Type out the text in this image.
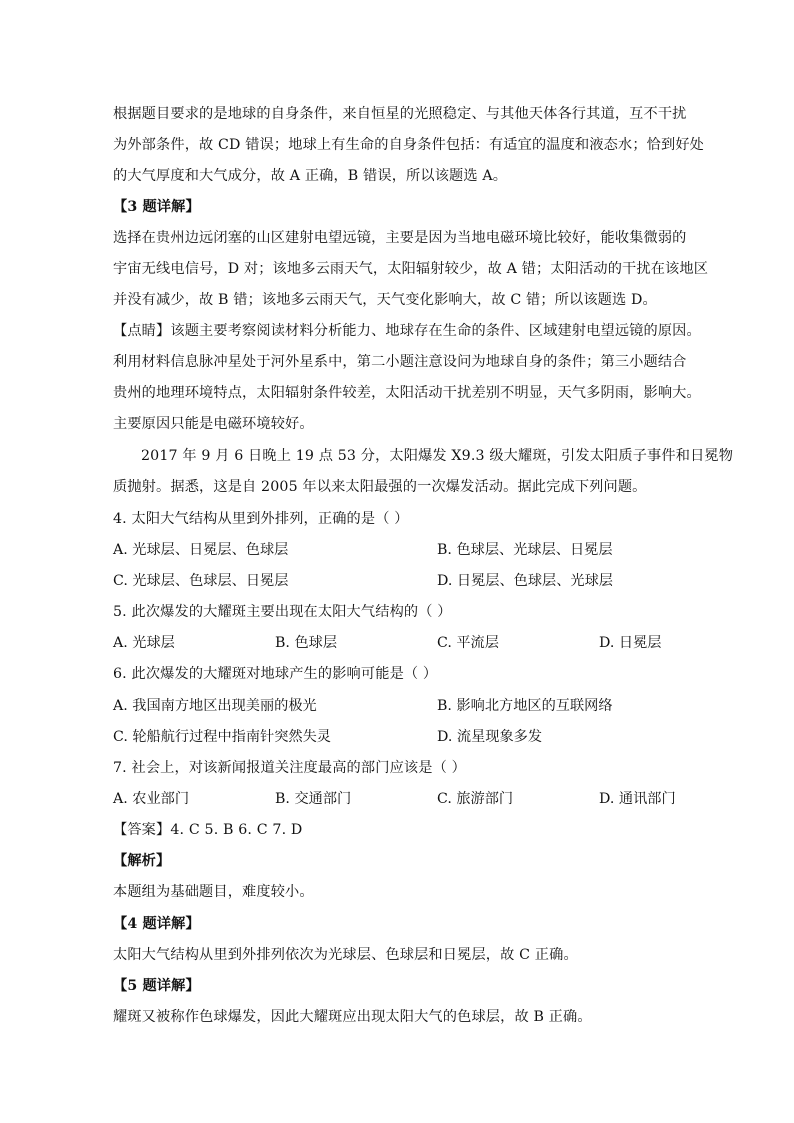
根据题目要求的是地球的自身条件，来自恒星的光照稳定、与其他天体各行其道，互不干扰
为外部条件，故 CD 错误；地球上有生命的自身条件包括：有适宜的温度和液态水；恰到好处
的大气厚度和大气成分，故 A 正确，B 错误，所以该题选 A。
【3 题详解】
选择在贵州边远闭塞的山区建射电望远镜，主要是因为当地电磁环境比较好，能收集微弱的
宇宙无线电信号，D 对；该地多云雨天气，太阳辐射较少，故 A 错；太阳活动的干扰在该地区
并没有减少，故 B 错；该地多云雨天气，天气变化影响大，故 C 错；所以该题选 D。
【点睛】该题主要考察阅读材料分析能力、地球存在生命的条件、区域建射电望远镜的原因。
利用材料信息脉冲星处于河外星系中，第二小题注意设问为地球自身的条件；第三小题结合
贵州的地理环境特点，太阳辐射条件较差，太阳活动干扰差别不明显，天气多阴雨，影响大。
主要原因只能是电磁环境较好。
2017 年 9 月 6 日晚上 19 点 53 分，太阳爆发 X9.3 级大耀斑，引发太阳质子事件和日冕物
质抛射。据悉，这是自 2005 年以来太阳最强的一次爆发活动。据此完成下列问题。
4. 太阳大气结构从里到外排列，正确的是（ ）
A. 光球层、日冕层、色球层	B. 色球层、光球层、日冕层
C. 光球层、色球层、日冕层	D. 日冕层、色球层、光球层
5. 此次爆发的大耀斑主要出现在太阳大气结构的（ ）
A. 光球层	B. 色球层	C. 平流层	D. 日冕层
6. 此次爆发的大耀斑对地球产生的影响可能是（ ）
A. 我国南方地区出现美丽的极光	B. 影响北方地区的互联网络
C. 轮船航行过程中指南针突然失灵	D. 流星现象多发
7. 社会上，对该新闻报道关注度最高的部门应该是（ ）
A. 农业部门	B. 交通部门	C. 旅游部门	D. 通讯部门
【答案】4. C 5. B 6. C 7. D
【解析】
本题组为基础题目，难度较小。
【4 题详解】
太阳大气结构从里到外排列依次为光球层、色球层和日冕层，故 C 正确。
【5 题详解】
耀斑又被称作色球爆发，因此大耀斑应出现太阳大气的色球层，故 B 正确。
